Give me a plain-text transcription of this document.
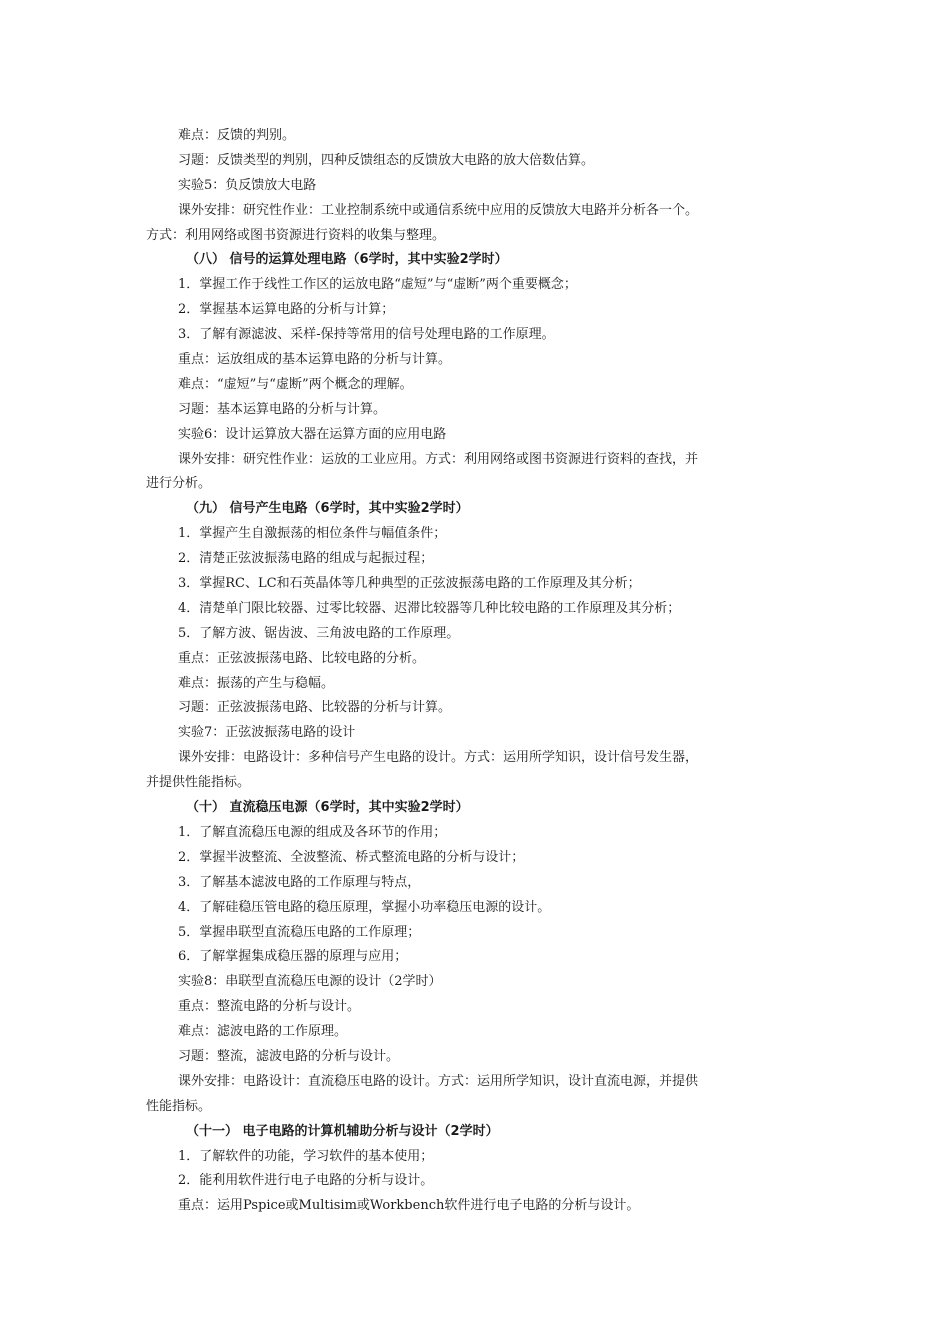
难点：反馈的判别。
习题：反馈类型的判别，四种反馈组态的反馈放大电路的放大倍数估算。
实验5：负反馈放大电路
课外安排：研究性作业：工业控制系统中或通信系统中应用的反馈放大电路并分析各一个。
方式：利用网络或图书资源进行资料的收集与整理。
（八） 信号的运算处理电路（6学时，其中实验2学时）
1．掌握工作于线性工作区的运放电路“虚短”与“虚断”两个重要概念；
2．掌握基本运算电路的分析与计算；
3．了解有源滤波、采样-保持等常用的信号处理电路的工作原理。
重点：运放组成的基本运算电路的分析与计算。
难点：“虚短”与“虚断”两个概念的理解。
习题：基本运算电路的分析与计算。
实验6：设计运算放大器在运算方面的应用电路
课外安排：研究性作业：运放的工业应用。方式：利用网络或图书资源进行资料的查找，并
进行分析。
（九） 信号产生电路（6学时，其中实验2学时）
1．掌握产生自激振荡的相位条件与幅值条件；
2．清楚正弦波振荡电路的组成与起振过程；
3．掌握RC、LC和石英晶体等几种典型的正弦波振荡电路的工作原理及其分析；
4．清楚单门限比较器、过零比较器、迟滞比较器等几种比较电路的工作原理及其分析；
5．了解方波、锯齿波、三角波电路的工作原理。
重点：正弦波振荡电路、比较电路的分析。
难点：振荡的产生与稳幅。
习题：正弦波振荡电路、比较器的分析与计算。
实验7：正弦波振荡电路的设计
课外安排：电路设计：多种信号产生电路的设计。方式：运用所学知识，设计信号发生器，
并提供性能指标。
（十） 直流稳压电源（6学时，其中实验2学时）
1．了解直流稳压电源的组成及各环节的作用；
2．掌握半波整流、全波整流、桥式整流电路的分析与设计；
3．了解基本滤波电路的工作原理与特点，
4．了解硅稳压管电路的稳压原理，掌握小功率稳压电源的设计。
5．掌握串联型直流稳压电路的工作原理；
6．了解掌握集成稳压器的原理与应用；
实验8：串联型直流稳压电源的设计（2学时）
重点：整流电路的分析与设计。
难点：滤波电路的工作原理。
习题：整流，滤波电路的分析与设计。
课外安排：电路设计：直流稳压电路的设计。方式：运用所学知识，设计直流电源，并提供
性能指标。
（十一） 电子电路的计算机辅助分析与设计（2学时）
1．了解软件的功能，学习软件的基本使用；
2．能利用软件进行电子电路的分析与设计。
重点：运用Pspice或Multisim或Workbench软件进行电子电路的分析与设计。
